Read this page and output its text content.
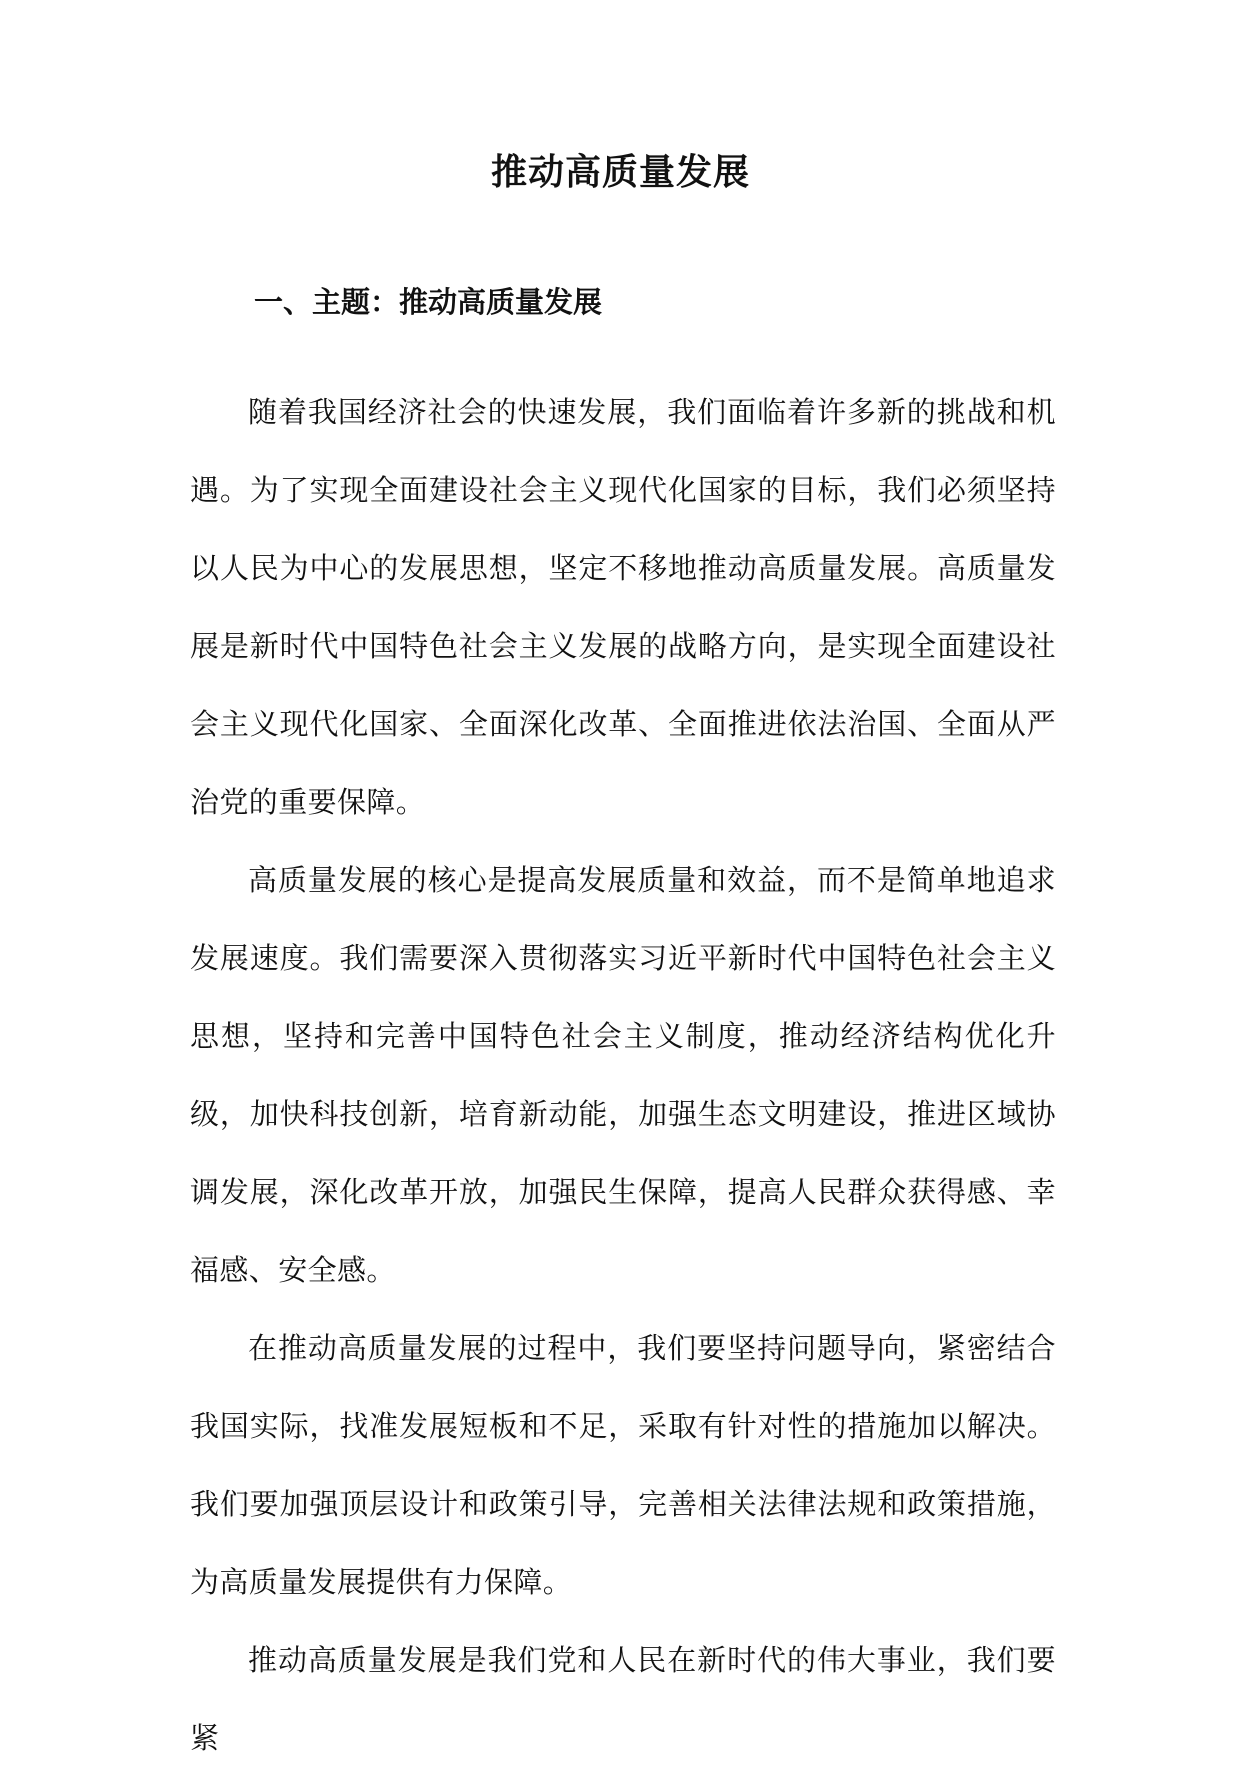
推动高质量发展
一、主题：推动高质量发展

随着我国经济社会的快速发展，我们面临着许多新的挑战和机遇。为了实现全面建设社会主义现代化国家的目标，我们必须坚持以人民为中心的发展思想，坚定不移地推动高质量发展。高质量发展是新时代中国特色社会主义发展的战略方向，是实现全面建设社会主义现代化国家、全面深化改革、全面推进依法治国、全面从严治党的重要保障。

高质量发展的核心是提高发展质量和效益，而不是简单地追求发展速度。我们需要深入贯彻落实习近平新时代中国特色社会主义思想，坚持和完善中国特色社会主义制度，推动经济结构优化升级，加快科技创新，培育新动能，加强生态文明建设，推进区域协调发展，深化改革开放，加强民生保障，提高人民群众获得感、幸福感、安全感。

在推动高质量发展的过程中，我们要坚持问题导向，紧密结合我国实际，找准发展短板和不足，采取有针对性的措施加以解决。我们要加强顶层设计和政策引导，完善相关法律法规和政策措施，为高质量发展提供有力保障。

推动高质量发展是我们党和人民在新时代的伟大事业，我们要紧
